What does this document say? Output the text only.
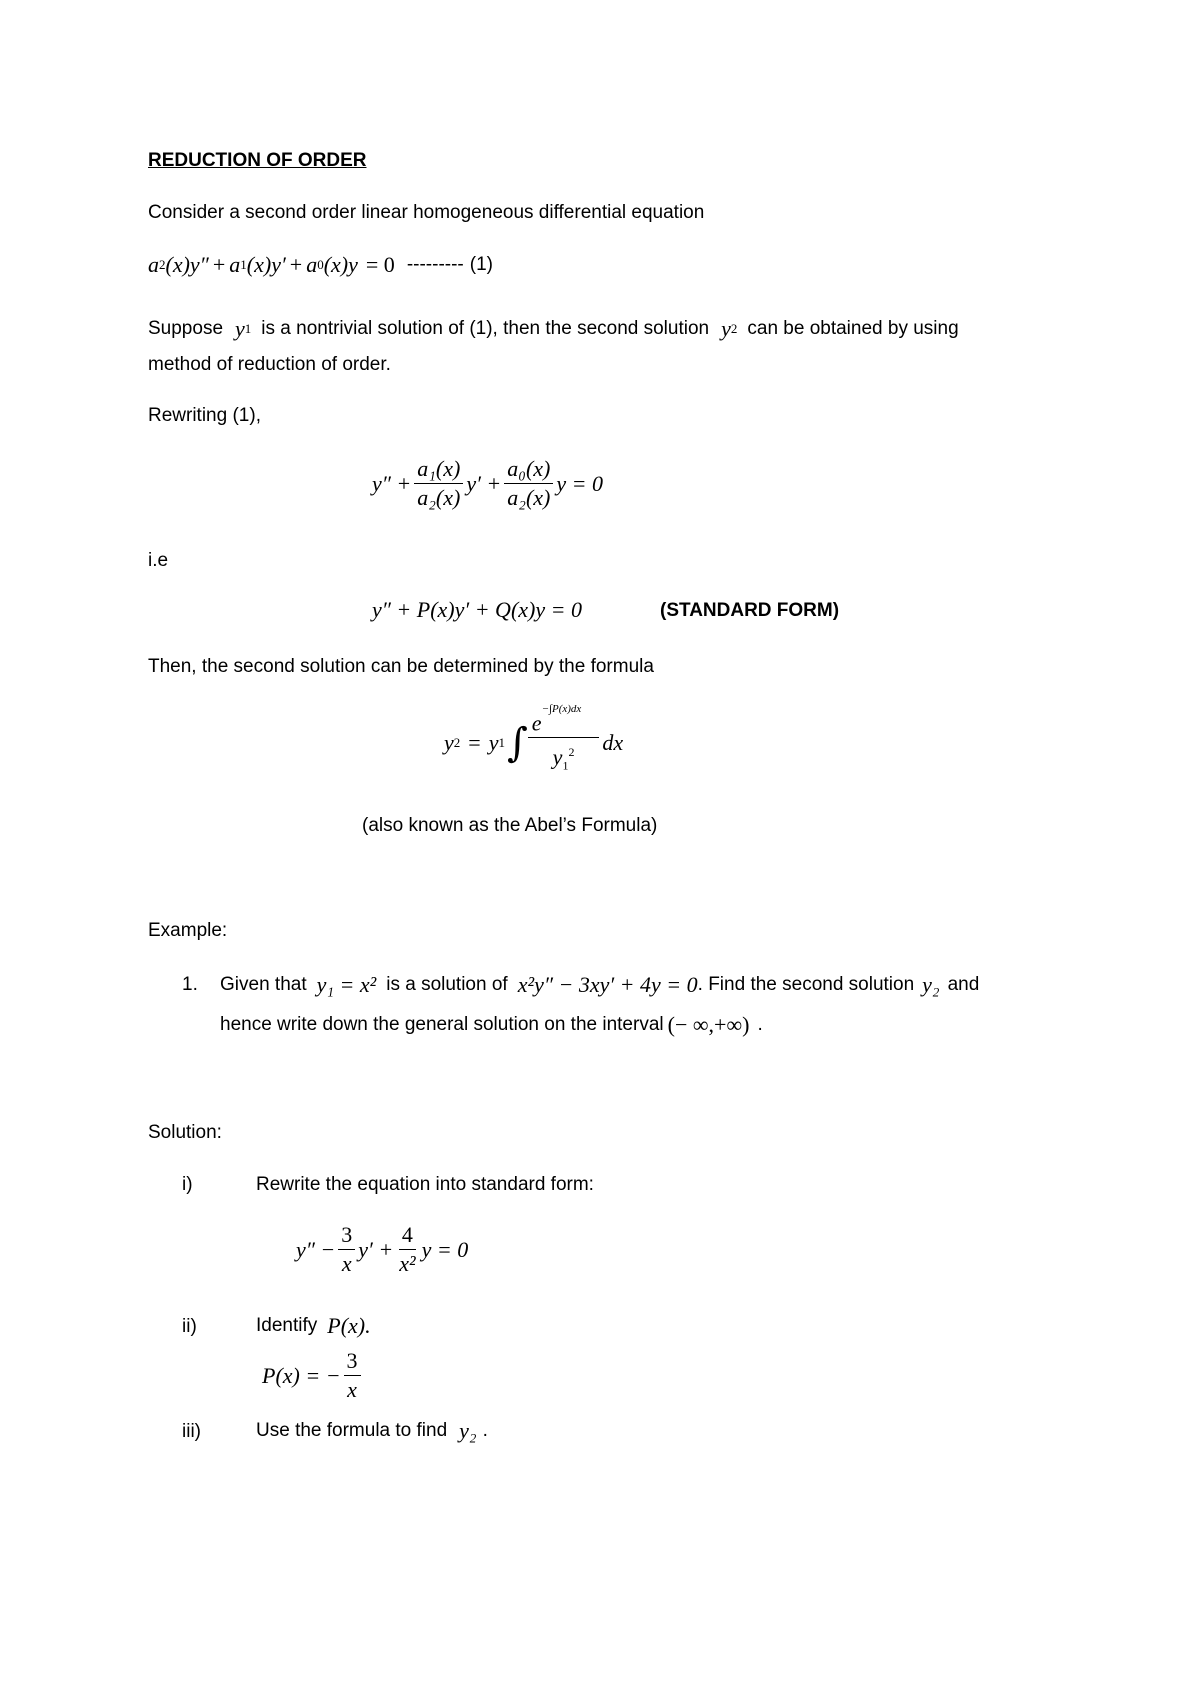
REDUCTION OF ORDER
Consider a second order linear homogeneous differential equation
a 2 (x)y″ + a 1 (x)y′ + a 0 (x)y = 0 --------- (1)
Suppose y 1 is a nontrivial solution of (1), then the second solution y 2 can be obtained by using
method of reduction of order.
Rewriting (1),
$y'' + \frac{\text{a₁(x)}}{\text{a₂(x)}} y' + \frac{\text{a₀(x)}}{\text{a₂(x)}}$ y = 0
i.e
y″ + P(x)y′ + Q(x)y = 0	(STANDARD FORM)
Then, the second solution can be determined by the formula
y 2 = y 1 ∫ $\frac{e^{-\int P(x)dx}}{y_1^2}$ dx
(also known as the Abel’s Formula)
Example:
1.	Given that y₁ = x² is a solution of x²y″ − 3xy′ + 4y = 0 . Find the second solution y₂ and
hence write down the general solution on the interval (− ∞,+∞) .
Solution:
i)	Rewrite the equation into standard form:
$y'' - \frac{3}{x} y' + \frac{4}{\text{x²}}$ y = 0
ii)	Identify P(x).
P(x) = − $\frac{3}{x}$
iii)	Use the formula to find y₂ .
